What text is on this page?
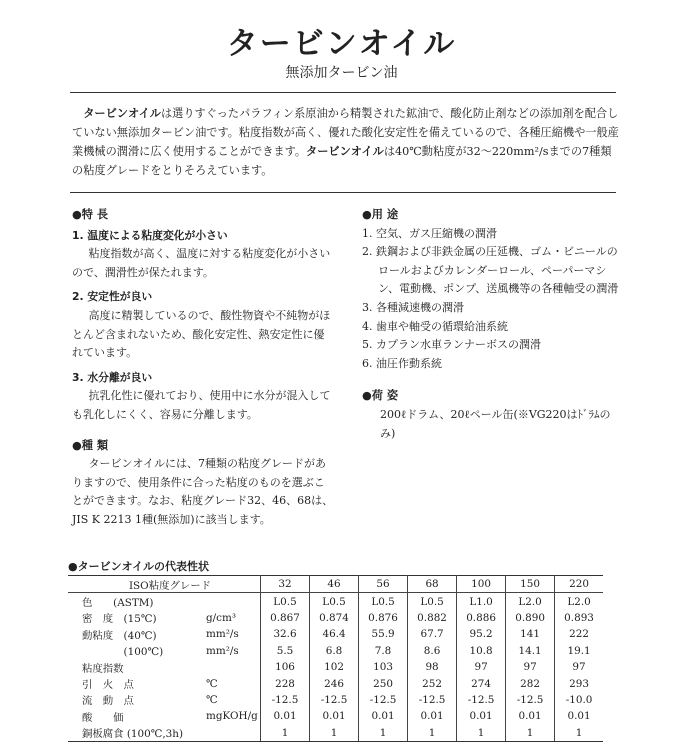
タービンオイル
無添加タービン油
タービンオイルは選りすぐったパラフィン系原油から精製された鉱油で、酸化防止剤などの添加剤を配合していない無添加タービン油です。粘度指数が高く、優れた酸化安定性を備えているので、各種圧縮機や一般産業機械の潤滑に広く使用することができます。タービンオイルは40℃動粘度が32～220mm²/sまでの7種類の粘度グレードをとりそろえています。
●特 長
1. 温度による粘度変化が小さい
粘度指数が高く、温度に対する粘度変化が小さいので、潤滑性が保たれます。
2. 安定性が良い
高度に精製しているので、酸性物資や不純物がほとんど含まれないため、酸化安定性、熱安定性に優れています。
3. 水分離が良い
抗乳化性に優れており、使用中に水分が混入しても乳化しにくく、容易に分離します。
●種 類
タービンオイルには、7種類の粘度グレードがありますので、使用条件に合った粘度のものを選ぶことができます。なお、粘度グレード32、46、68は、JIS K 2213 1種(無添加)に該当します。
●用 途
1. 空気、ガス圧縮機の潤滑
2. 鉄鋼および非鉄金属の圧延機、ゴム・ビニールのロールおよびカレンダーロール、ペーパーマシン、電動機、ポンプ、送風機等の各種軸受の潤滑
3. 各種減速機の潤滑
4. 歯車や軸受の循環給油系統
5. カプラン水車ランナーボスの潤滑
6. 油圧作動系統
●荷 姿
200ℓドラム、20ℓペール缶(※VG220はﾄﾞﾗﾑのみ)
●タービンオイルの代表性状
ISO粘度グレード		32	46	56	68	100	150	220
色　　(ASTM)		L0.5	L0.5	L0.5	L0.5	L1.0	L2.0	L2.0
密　度　(15℃)	g/cm³	0.867	0.874	0.876	0.882	0.886	0.890	0.893
動粘度　(40℃)	mm²/s	32.6	46.4	55.9	67.7	95.2	141	222
　　　　(100℃)	mm²/s	5.5	6.8	7.8	8.6	10.8	14.1	19.1
粘度指数		106	102	103	98	97	97	97
引　火　点	℃	228	246	250	252	274	282	293
流　動　点	℃	-12.5	-12.5	-12.5	-12.5	-12.5	-12.5	-10.0
酸　　価	mgKOH/g	0.01	0.01	0.01	0.01	0.01	0.01	0.01
銅板腐食 (100℃,3h)		1	1	1	1	1	1	1
